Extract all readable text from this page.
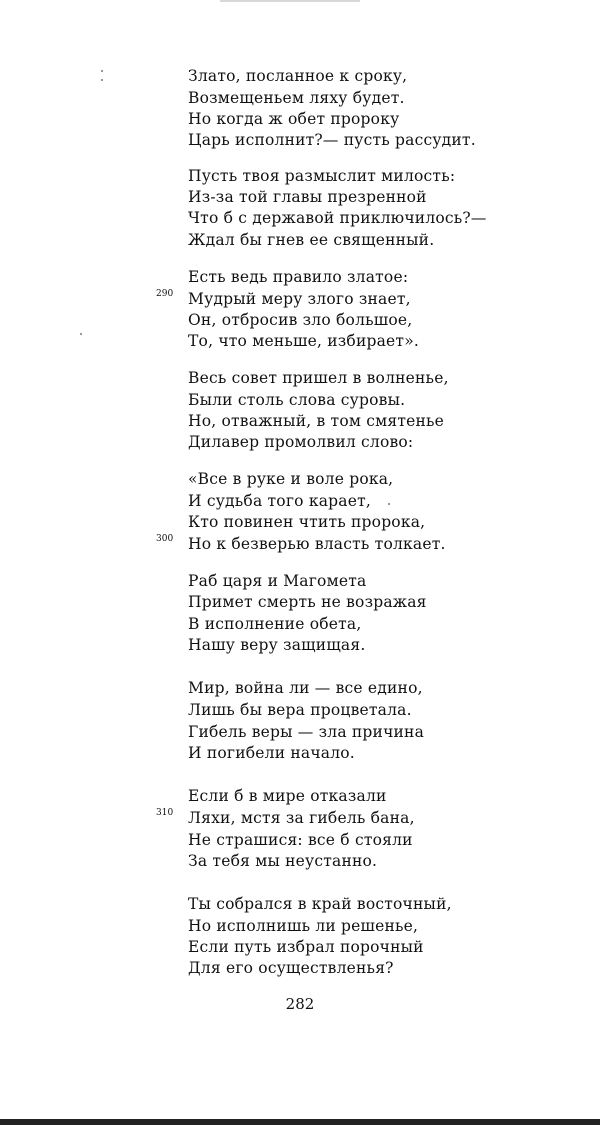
Злато, посланное к сроку,
Возмещеньем ляху будет.
Но когда ж обет пророку
Царь исполнит?— пусть рассудит.
Пусть твоя размыслит милость:
Из-за той главы презренной
Что б с державой приключилось?—
Ждал бы гнев ее священный.
Есть ведь правило златое:
290 Мудрый меру злого знает,
Он, отбросив зло большое,
То, что меньше, избирает».
Весь совет пришел в волненье,
Были столь слова суровы.
Но, отважный, в том смятенье
Дилавер промолвил слово:
«Все в руке и воле рока,
И судьба того карает,
Кто повинен чтить пророка,
300 Но к безверью власть толкает.
Раб царя и Магомета
Примет смерть не возражая
В исполнение обета,
Нашу веру защищая.
Мир, война ли — все едино,
Лишь бы вера процветала.
Гибель веры — зла причина
И погибели начало.
Если б в мире отказали
310 Ляхи, мстя за гибель бана,
Не страшися: все б стояли
За тебя мы неустанно.
Ты собрался в край восточный,
Но исполнишь ли решенье,
Если путь избрал порочный
Для его осуществленья?
282
